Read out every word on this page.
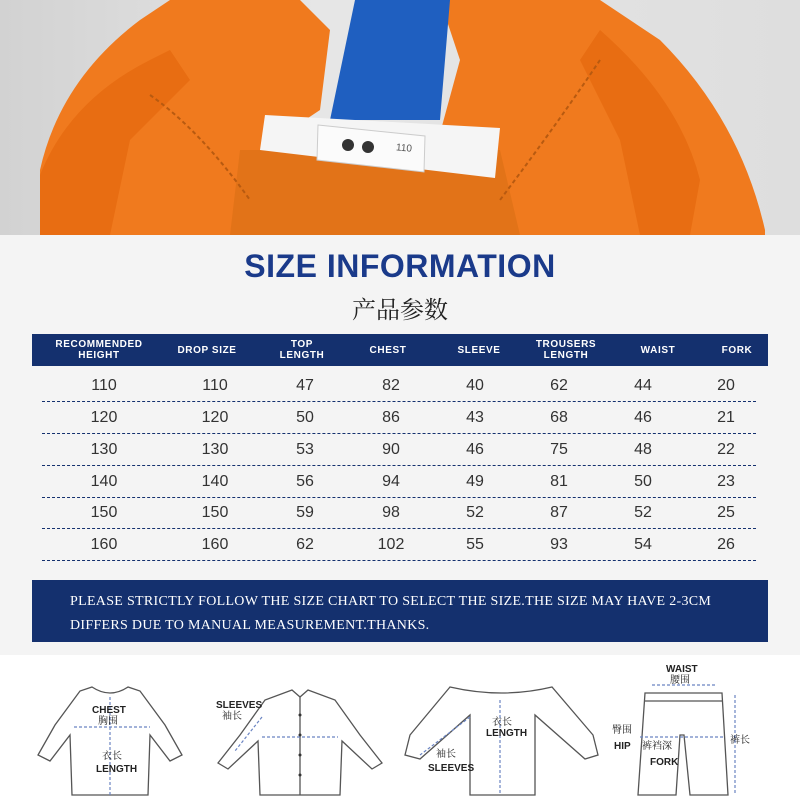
110
SIZE INFORMATION
产品参数
RECOMMENDED HEIGHT	DROP SIZE	TOP LENGTH	CHEST	SLEEVE	TROUSERS LENGTH	WAIST	FORK
110	110	47	82	40	62	44	20
120	120	50	86	43	68	46	21
130	130	53	90	46	75	48	22
140	140	56	94	49	81	50	23
150	150	59	98	52	87	52	25
160	160	62	102	55	93	54	26
PLEASE STRICTLY FOLLOW THE SIZE CHART TO SELECT THE SIZE.THE SIZE MAY HAVE 2-3CM
DIFFERS DUE TO MANUAL MEASUREMENT.THANKS.
CHEST
胸围
衣长
LENGTH
SLEEVES
袖长
衣长
LENGTH
袖长
SLEEVES
WAIST
腰围
臀围
HIP 裤裆深
FORK
裤长
